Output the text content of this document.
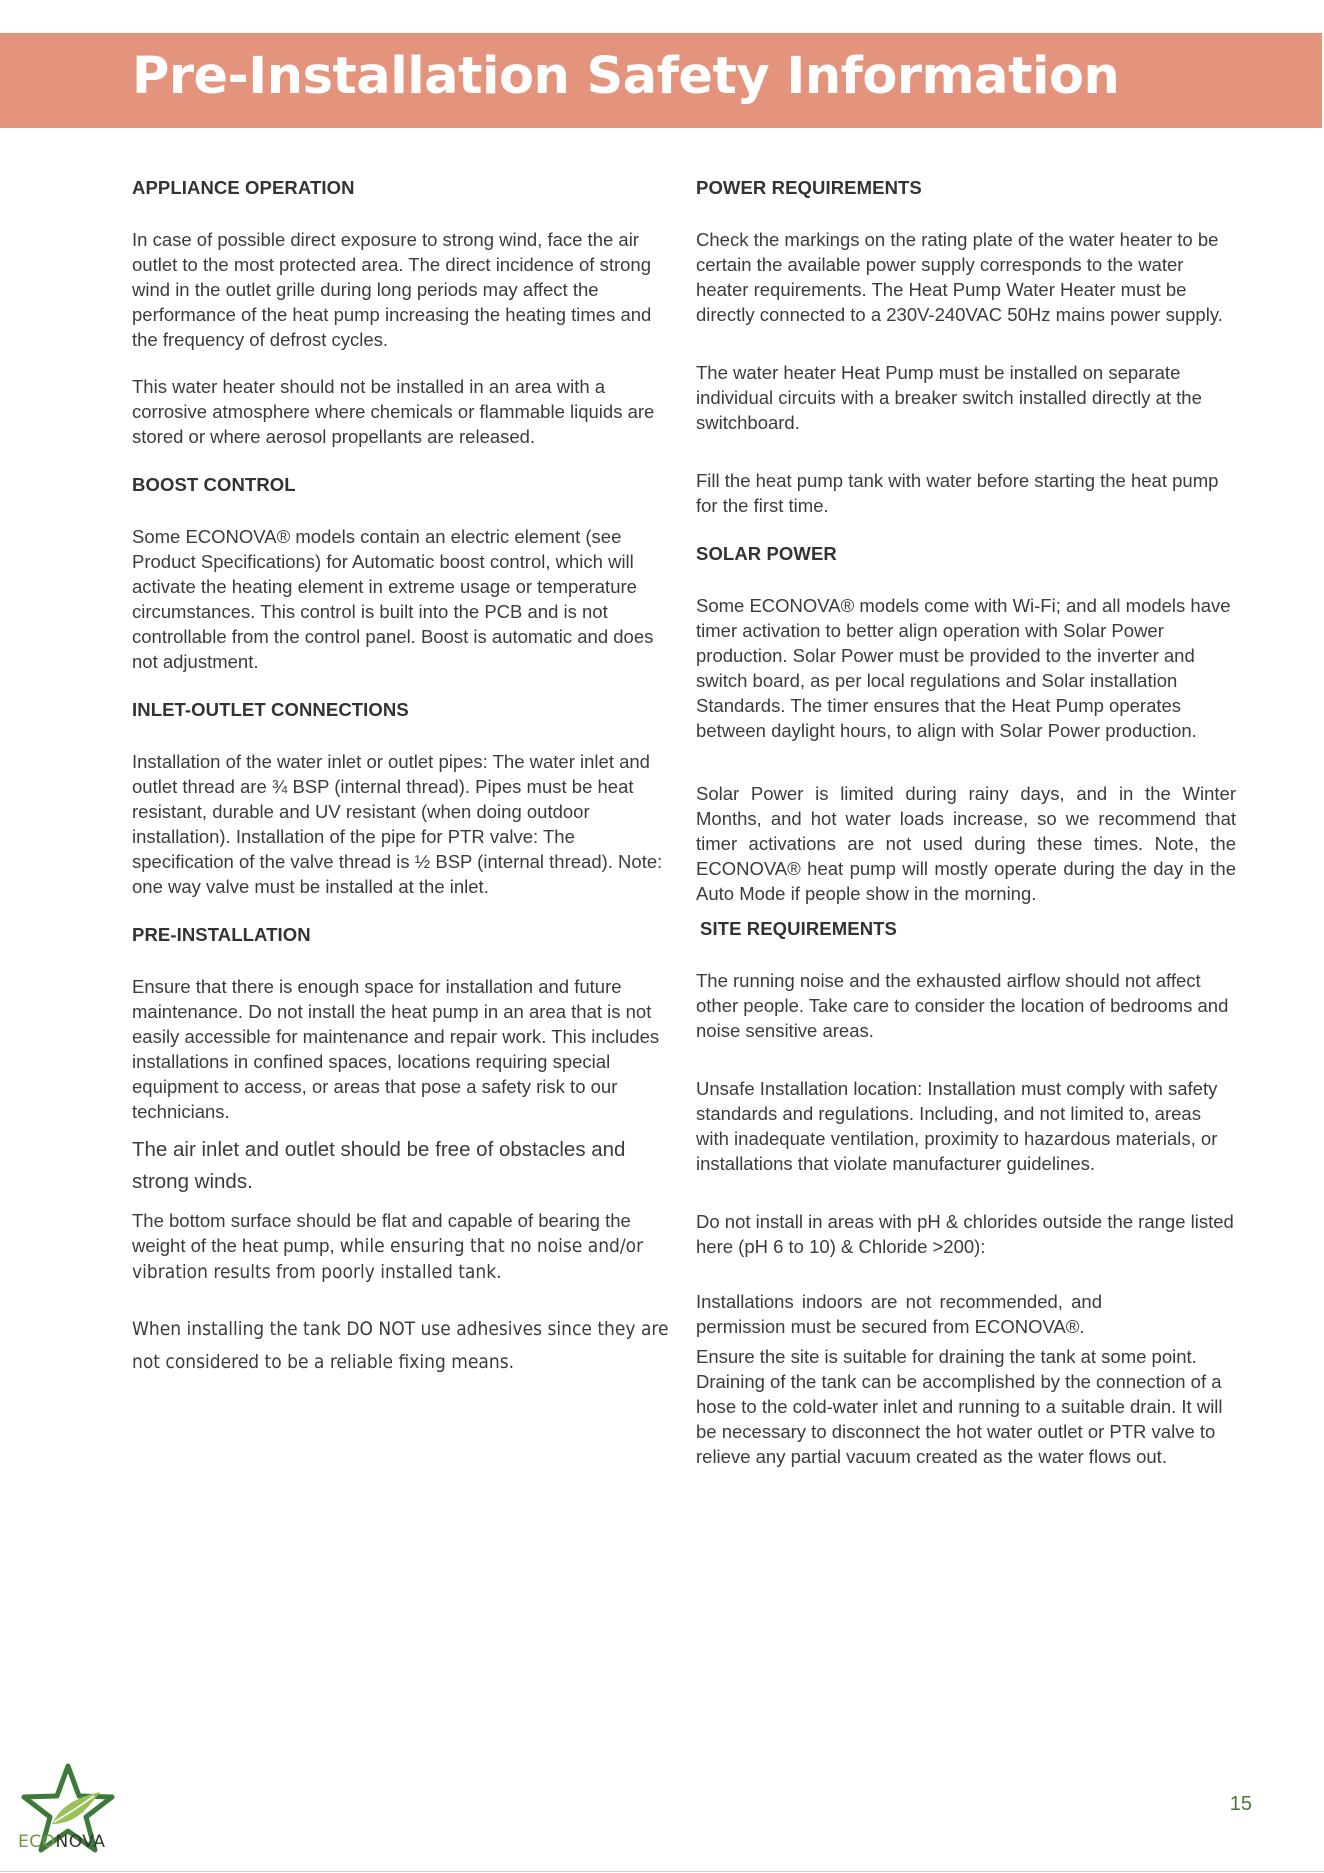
Pre-Installation Safety Information
APPLIANCE OPERATION

In case of possible direct exposure to strong wind, face the air outlet to the most protected area. The direct incidence of strong wind in the outlet grille during long periods may affect the performance of the heat pump increasing the heating times and the frequency of defrost cycles.

This water heater should not be installed in an area with a corrosive atmosphere where chemicals or flammable liquids are stored or where aerosol propellants are released.

BOOST CONTROL

Some ECONOVA® models contain an electric element (see Product Specifications) for Automatic boost control, which will activate the heating element in extreme usage or temperature circumstances. This control is built into the PCB and is not controllable from the control panel. Boost is automatic and does not adjustment.

INLET-OUTLET CONNECTIONS

Installation of the water inlet or outlet pipes: The water inlet and outlet thread are ¾ BSP (internal thread). Pipes must be heat resistant, durable and UV resistant (when doing outdoor installation). Installation of the pipe for PTR valve: The specification of the valve thread is ½ BSP (internal thread). Note: one way valve must be installed at the inlet.

PRE-INSTALLATION

Ensure that there is enough space for installation and future maintenance. Do not install the heat pump in an area that is not easily accessible for maintenance and repair work. This includes installations in confined spaces, locations requiring special equipment to access, or areas that pose a safety risk to our technicians.

The air inlet and outlet should be free of obstacles and strong winds.

The bottom surface should be flat and capable of bearing the weight of the heat pump, while ensuring that no noise and/or vibration results from poorly installed tank.

When installing the tank DO NOT use adhesives since they are not considered to be a reliable fixing means.

POWER REQUIREMENTS

Check the markings on the rating plate of the water heater to be certain the available power supply corresponds to the water heater requirements. The Heat Pump Water Heater must be directly connected to a 230V-240VAC 50Hz mains power supply.

The water heater Heat Pump must be installed on separate individual circuits with a breaker switch installed directly at the switchboard.

Fill the heat pump tank with water before starting the heat pump for the first time.

SOLAR POWER

Some ECONOVA® models come with Wi-Fi; and all models have timer activation to better align operation with Solar Power production. Solar Power must be provided to the inverter and switch board, as per local regulations and Solar installation Standards. The timer ensures that the Heat Pump operates between daylight hours, to align with Solar Power production.

Solar Power is limited during rainy days, and in the Winter Months, and hot water loads increase, so we recommend that timer activations are not used during these times. Note, the ECONOVA® heat pump will mostly operate during the day in the Auto Mode if people show in the morning.

SITE REQUIREMENTS

The running noise and the exhausted airflow should not affect other people. Take care to consider the location of bedrooms and noise sensitive areas.

Unsafe Installation location: Installation must comply with safety standards and regulations. Including, and not limited to, areas with inadequate ventilation, proximity to hazardous materials, or installations that violate manufacturer guidelines.

Do not install in areas with pH & chlorides outside the range listed here (pH 6 to 10) & Chloride >200):

Installations indoors are not recommended, and permission must be secured from ECONOVA®.

Ensure the site is suitable for draining the tank at some point. Draining of the tank can be accomplished by the connection of a hose to the cold-water inlet and running to a suitable drain. It will be necessary to disconnect the hot water outlet or PTR valve to relieve any partial vacuum created as the water flows out.

ECONOVA
15
